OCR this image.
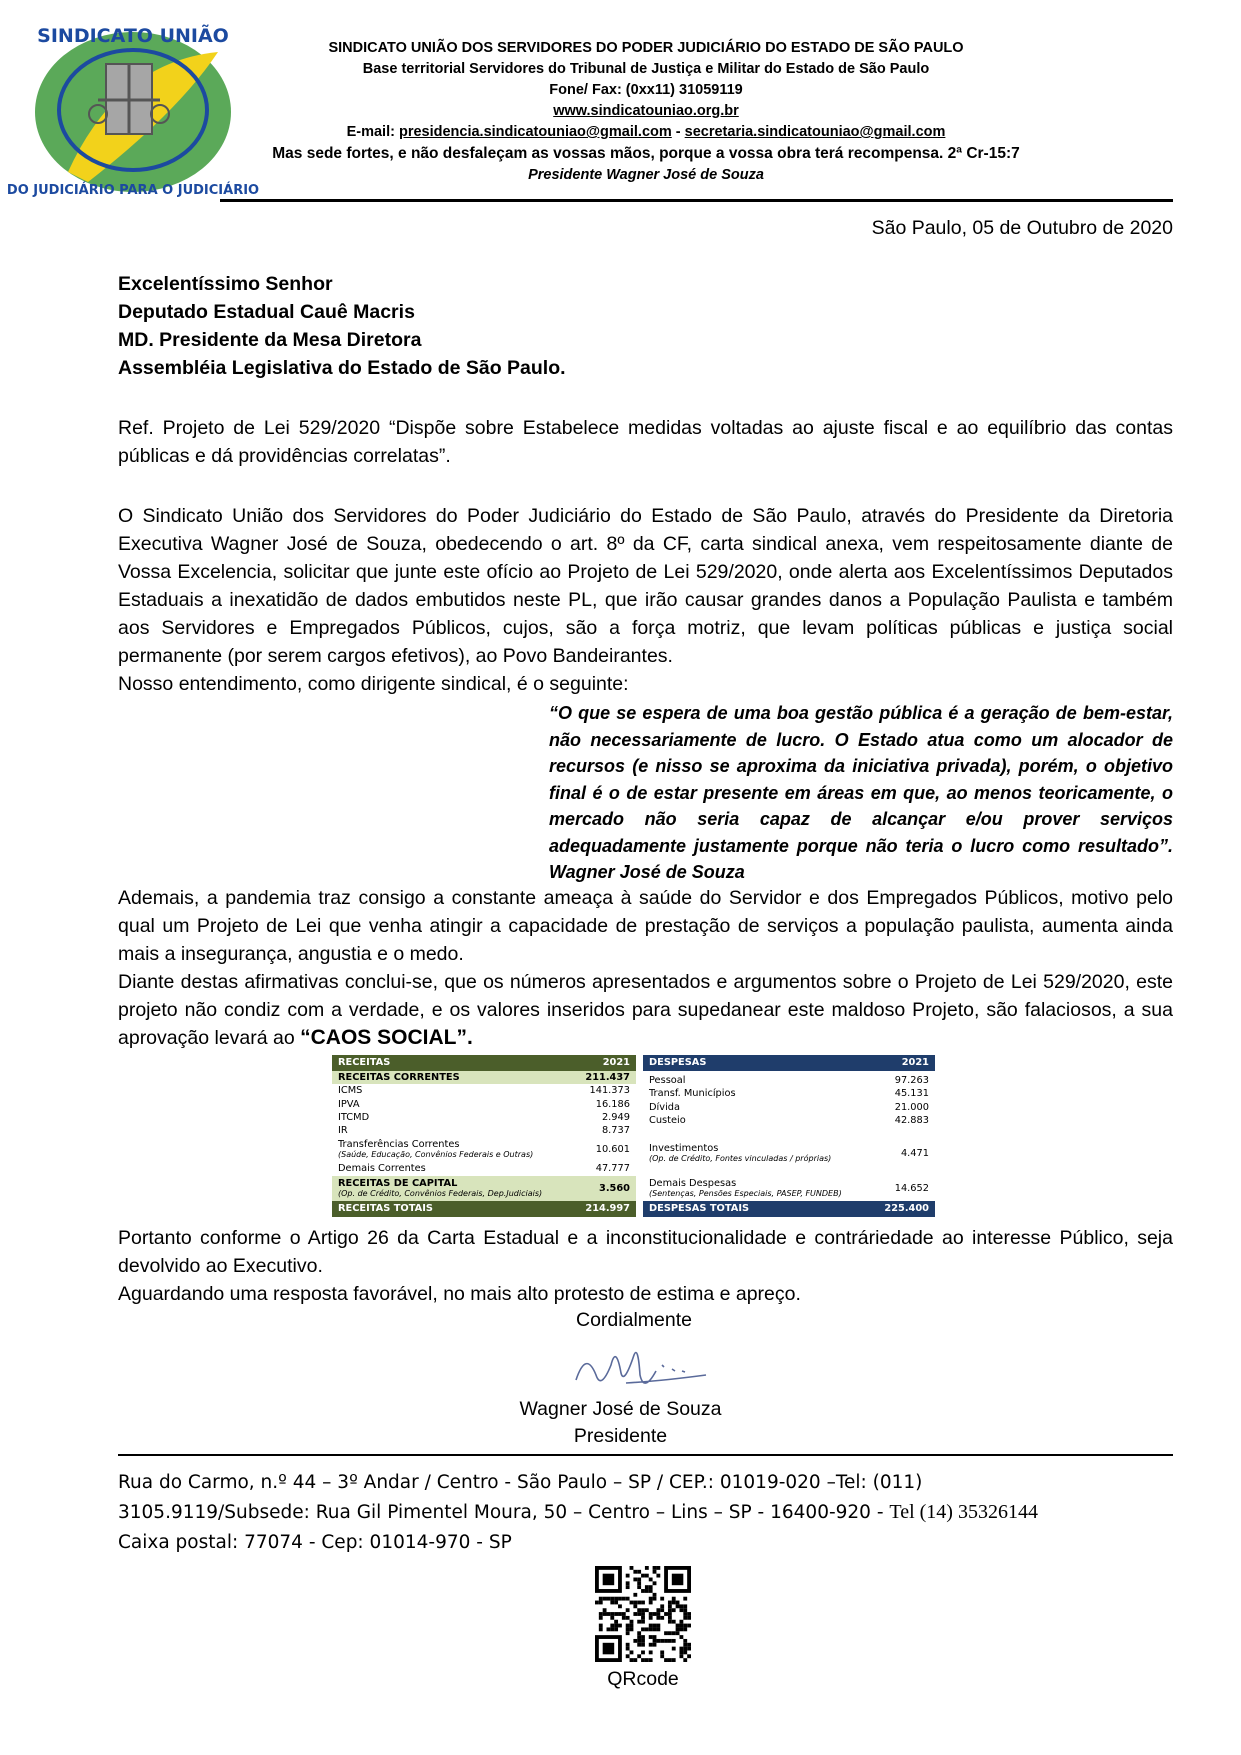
SINDICATO UNIÃO
DO JUDICIÁRIO PARA O JUDICIÁRIO
SINDICATO UNIÃO DOS SERVIDORES DO PODER JUDICIÁRIO DO ESTADO DE SÃO PAULO
Base territorial Servidores do Tribunal de Justiça e Militar do Estado de São Paulo
Fone/ Fax: (0xx11) 31059119
www.sindicatouniao.org.br
E-mail: presidencia.sindicatouniao@gmail.com - secretaria.sindicatouniao@gmail.com
Mas sede fortes, e não desfaleçam as vossas mãos, porque a vossa obra terá recompensa. 2ª Cr-15:7
Presidente Wagner José de Souza
São Paulo, 05 de Outubro de 2020
Excelentíssimo Senhor
Deputado Estadual Cauê Macris
MD. Presidente da Mesa Diretora
Assembléia Legislativa do Estado de São Paulo.
Ref. Projeto de Lei 529/2020 “Dispõe sobre Estabelece medidas voltadas ao ajuste fiscal e ao equilíbrio das contas públicas e dá providências correlatas”.
O Sindicato União dos Servidores do Poder Judiciário do Estado de São Paulo, através do Presidente da Diretoria Executiva Wagner José de Souza, obedecendo o art. 8º da CF, carta sindical anexa, vem respeitosamente diante de Vossa Excelencia, solicitar que junte este ofício ao Projeto de Lei 529/2020, onde alerta aos Excelentíssimos Deputados Estaduais a inexatidão de dados embutidos neste PL, que irão causar grandes danos a População Paulista e também aos Servidores e Empregados Públicos, cujos, são a força motriz, que levam políticas públicas e justiça social permanente (por serem cargos efetivos), ao Povo Bandeirantes.
Nosso entendimento, como dirigente sindical, é o seguinte:
“O que se espera de uma boa gestão pública é a geração de bem-estar, não necessariamente de lucro. O Estado atua como um alocador de recursos (e nisso se aproxima da iniciativa privada), porém, o objetivo final é o de estar presente em áreas em que, ao menos teoricamente, o mercado não seria capaz de alcançar e/ou prover serviços adequadamente justamente porque não teria o lucro como resultado”. Wagner José de Souza
Ademais, a pandemia traz consigo a constante ameaça à saúde do Servidor e dos Empregados Públicos, motivo pelo qual um Projeto de Lei que venha atingir a capacidade de prestação de serviços a população paulista, aumenta ainda mais a insegurança, angustia e o medo.
Diante destas afirmativas conclui-se, que os números apresentados e argumentos sobre o Projeto de Lei 529/2020, este projeto não condiz com a verdade, e os valores inseridos para supedanear este maldoso Projeto, são falaciosos, a sua aprovação levará ao “CAOS SOCIAL”.
RECEITAS	2021
RECEITAS CORRENTES	211.437
ICMS	141.373
IPVA	16.186
ITCMD	2.949
IR	8.737
Transferências Correntes
(Saúde, Educação, Convênios Federais e Outras)	10.601
Demais Correntes	47.777
RECEITAS DE CAPITAL
(Op. de Crédito, Convênios Federais, Dep.Judiciais)	3.560
RECEITAS TOTAIS	214.997
DESPESAS	2021
Pessoal	97.263
Transf. Municípios	45.131
Dívida	21.000
Custeio	42.883
Investimentos
(Op. de Crédito, Fontes vinculadas / próprias)	4.471
Demais Despesas
(Sentenças, Pensões Especiais, PASEP, FUNDEB)	14.652
DESPESAS TOTAIS	225.400
Portanto conforme o Artigo 26 da Carta Estadual e a inconstitucionalidade e contráriedade ao interesse Público, seja devolvido ao Executivo.
Aguardando uma resposta favorável, no mais alto protesto de estima e apreço.
Cordialmente
Wagner José de Souza
Presidente
Rua do Carmo, n.º 44 – 3º Andar / Centro - São Paulo – SP / CEP.: 01019-020 –Tel: (011)
3105.9119/Subsede: Rua Gil Pimentel Moura, 50 – Centro – Lins – SP - 16400-920 - Tel (14) 35326144
Caixa postal: 77074 - Cep: 01014-970 - SP
QRcode
